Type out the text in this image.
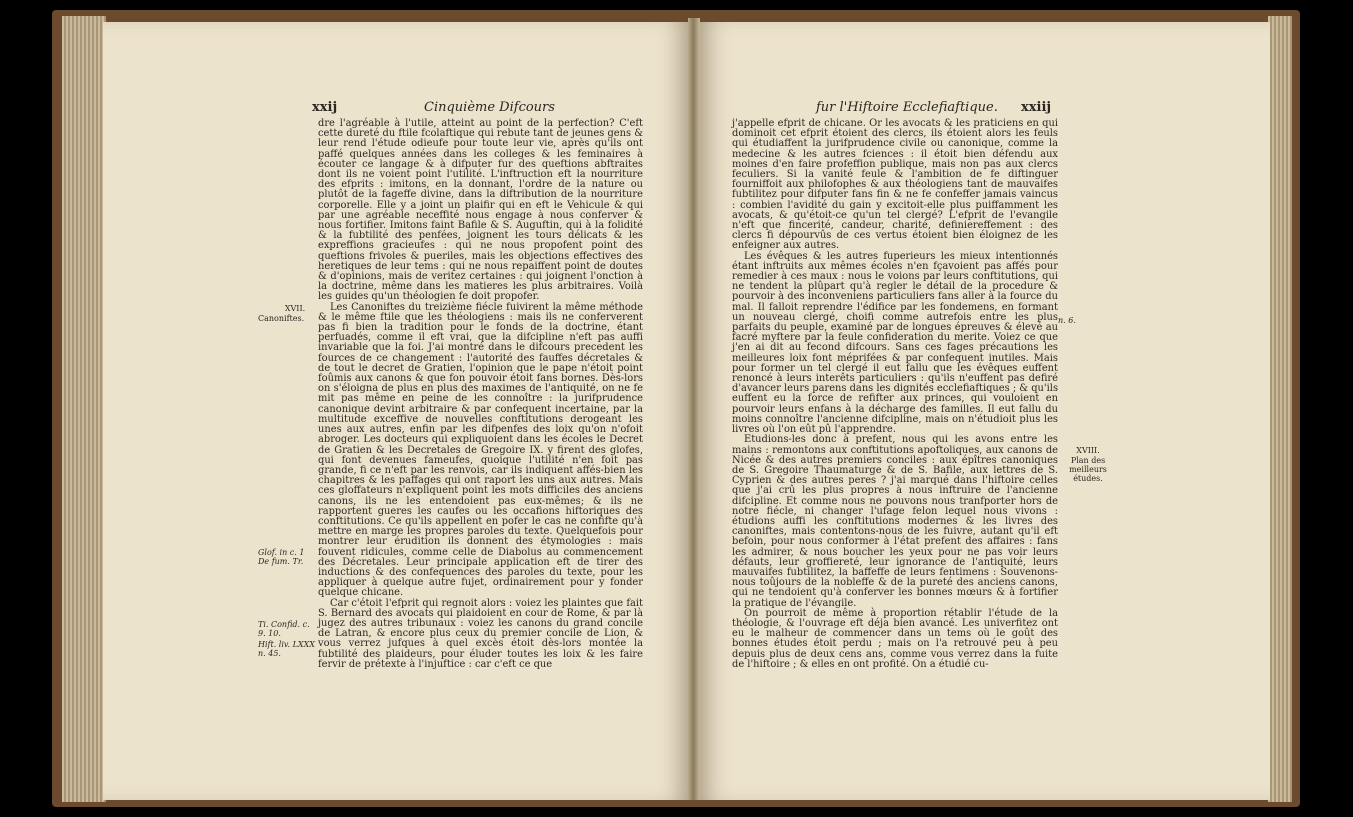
xxij	Cinquième Difcours

dre l'agréable à l'utile, atteint au point de la perfection? C'eft cette dureté du ftile fcolaftique qui rebute tant de jeunes gens & leur rend l'étude odieufe pour toute leur vie, après qu'ils ont paffé quelques années dans les colleges & les feminaires à écouter ce langage & à difputer fur des queftions abftraites dont ils ne voient point l'utilité. L'inftruction eft la nourriture des efprits : imitons, en la donnant, l'ordre de la nature ou plutôt de la fageffe divine, dans la diftribution de la nourriture corporelle. Elle y a joint un plaifir qui en eft le Vehicule & qui par une agréable neceffité nous engage à nous conferver & nous fortifier. Imitons faint Bafile & S. Auguftin, qui à la folidité & la fubtilité des penfées, joignent les tours délicats & les expreffions gracieufes : qui ne nous propofent point des queftions frivoles & pueriles, mais les objections effectives des heretiques de leur tems : qui ne nous repaiffent point de doutes & d'opinions, mais de veritez certaines : qui joignent l'onction à la doctrine, même dans les matieres les plus arbitraires. Voilà les guides qu'un théologien fe doit propofer.

Les Canoniftes du treizième fiécle fuivirent la même méthode & le même ftile que les théologiens : mais ils ne conferverent pas fi bien la tradition pour le fonds de la doctrine, étant perfuadés, comme il eft vrai, que la difcipline n'eft pas auffi invariable que la foi. J'ai montré dans le difcours precedent les fources de ce changement : l'autorité des fauffes décretales & de tout le decret de Gratien, l'opinion que le pape n'étoit point foûmis aux canons & que fon pouvoir étoit fans bornes. Dès-lors on s'éloigna de plus en plus des maximes de l'antiquité, on ne fe mit pas même en peine de les connoître : la jurifprudence canonique devint arbitraire & par confequent incertaine, par la multitude exceffive de nouvelles conftitutions derogeant les unes aux autres, enfin par les difpenfes des loix qu'on n'ofoit abroger. Les docteurs qui expliquoient dans les écoles le Decret de Gratien & les Decretales de Gregoire IX. y firent des glofes, qui font devenues fameufes, quoique l'utilité n'en foit pas grande, fi ce n'eft par les renvois, car ils indiquent affés-bien les chapitres & les paffages qui ont raport les uns aux autres. Mais ces gloffateurs n'expliquent point les mots difficiles des anciens canons, ils ne les entendoient pas eux-mêmes; & ils ne rapportent gueres les caufes ou les occafions hiftoriques des conftitutions. Ce qu'ils appellent en pofer le cas ne confifte qu'à mettre en marge les propres paroles du texte. Quelquefois pour montrer leur érudition ils donnent des étymologies : mais fouvent ridicules, comme celle de Diabolus au commencement des Décretales. Leur principale application eft de tirer des inductions & des confequences des paroles du texte, pour les appliquer à quelque autre fujet, ordinairement pour y fonder quelque chicane.

Car c'étoit l'efprit qui regnoit alors : voiez les plaintes que fait S. Bernard des avocats qui plaidoient en cour de Rome, & par là jugez des autres tribunaux : voiez les canons du grand concile de Latran, & encore plus ceux du premier concile de Lion, & vous verrez jufques à quel excès étoit dès-lors montée la fubtilité des plaideurs, pour éluder toutes les loix & les faire fervir de prétexte à l'injuftice : car c'eft ce que

XVII.
Canoniftes.
Glof. in c. 1 De fum. Tr.
Ti. Confid. c. 9. 10.
Hift. liv. LXXX n. 45.
fur l'Hiftoire Ecclefiaftique. xxiij

j'appelle efprit de chicane. Or les avocats & les praticiens en qui dominoit cet efprit étoient des clercs, ils étoient alors les feuls qui étudiaffent la jurifprudence civile ou canonique, comme la medecine & les autres fciences : il étoit bien défendu aux moines d'en faire profeffion publique, mais non pas aux clercs feculiers. Si la vanité feule & l'ambition de fe diftinguer fourniffoit aux philofophes & aux théologiens tant de mauvaifes fubtilitez pour difputer fans fin & ne fe confeffer jamais vaincus : combien l'avidité du gain y excitoit-elle plus puiffamment les avocats, & qu'étoit-ce qu'un tel clergé? L'efprit de l'evangile n'eft que fincerité, candeur, charité, definiereffement : des clercs fi dépourvûs de ces vertus étoient bien éloignez de les enfeigner aux autres.

Les évêques & les autres fuperieurs les mieux intentionnés étant inftruits aux mêmes écoles n'en fçavoient pas affés pour remedier à ces maux : nous le voions par leurs conftitutions, qui ne tendent la plûpart qu'à regler le détail de la procedure & pourvoir à des inconveniens particuliers fans aller à la fource du mal. Il falloit reprendre l'édifice par les fondemens, en formant un nouveau clergé, choifi comme autrefois entre les plus parfaits du peuple, examiné par de longues épreuves & élevé au facré myftere par la feule confideration du merite. Voiez ce que j'en ai dit au fecond difcours. Sans ces fages précautions les meilleures loix font méprifées & par confequent inutiles. Mais pour former un tel clergé il eut fallu que les évêques euffent renoncé à leurs interêts particuliers : qu'ils n'euffent pas defiré d'avancer leurs parens dans les dignités ecclefiaftiques ; & qu'ils euffent eu la force de refifter aux princes, qui vouloient en pourvoir leurs enfans à la décharge des familles. Il eut fallu du moins connoître l'ancienne difcipline, mais on n'étudioit plus les livres où l'on eût pû l'apprendre.

Etudions-les donc à prefent, nous qui les avons entre les mains : remontons aux conftitutions apoftoliques, aux canons de Nicée & des autres premiers conciles : aux épîtres canoniques de S. Gregoire Thaumaturge & de S. Bafile, aux lettres de S. Cyprien & des autres peres ? j'ai marqué dans l'hiftoire celles que j'ai crû les plus propres à nous inftruire de l'ancienne difcipline. Et comme nous ne pouvons nous tranfporter hors de notre fiécle, ni changer l'ufage felon lequel nous vivons : étudions auffi les conftitutions modernes & les livres des canoniftes, mais contentons-nous de les fuivre, autant qu'il eft befoin, pour nous conformer à l'état prefent des affaires : fans les admirer, & nous boucher les yeux pour ne pas voir leurs défauts, leur groffiereté, leur ignorance de l'antiquité, leurs mauvaifes fubtilitez, la baffeffe de leurs fentimens : Souvenons-nous toûjours de la nobleffe & de la pureté des anciens canons, qui ne tendoient qu'à conferver les bonnes mœurs & à fortifier la pratique de l'évangile.

On pourroit de même à proportion rétablir l'étude de la théologie, & l'ouvrage eft déja bien avancé. Les univerfitez ont eu le malheur de commencer dans un tems où le goût des bonnes études étoit perdu ; mais on l'a retrouvé peu à peu depuis plus de deux cens ans, comme vous verrez dans la fuite de l'hiftoire ; & elles en ont profité. On a étudié cu-

n. 6.
XVIII.
Plan des meilleurs études.
